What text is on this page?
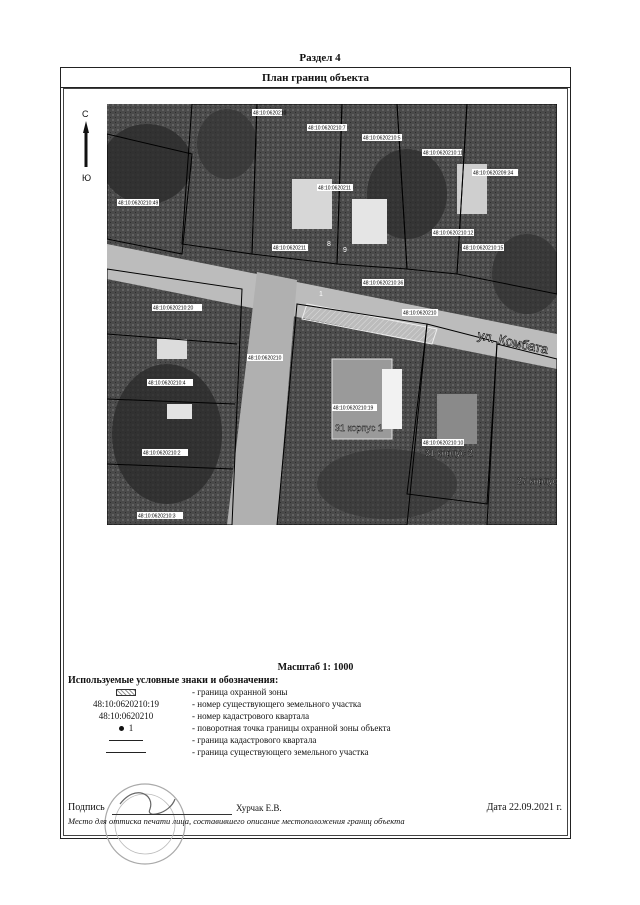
Раздел 4
План границ объекта
С
Ю
48:10:0620210
48:10:0620210:7
48:10:0620210:5
48:10:0620210:11
48:10:0620211
48:10:0620209:34
48:10:0620210:49
48:10:0620210:12
48:10:0620210:15
48:10:0620211
48:10:0620210:36
48:10:0620210
48:10:0620210:20
48:10:0620210
48:10:0620210:19
48:10:0620210:10
48:10:0620210:4
48:10:0620210:2
48:10:0620210:3
8
9
1
ул. Комбата
31 корпус 1
31 корпус 2
27 корпус
Масштаб 1: 1000
Используемые условные знаки и обозначения:
- граница охранной зоны
48:10:0620210:19	- номер существующего земельного участка
48:10:0620210	- номер кадастрового квартала
1	- поворотная точка границы охранной зоны объекта
- граница кадастрового квартала
- граница существующего земельного участка
Подпись	Хурчак Е.В.	Дата 22.09.2021 г.
Место для оттиска печати лица, составившего описание местоположения границ объекта
